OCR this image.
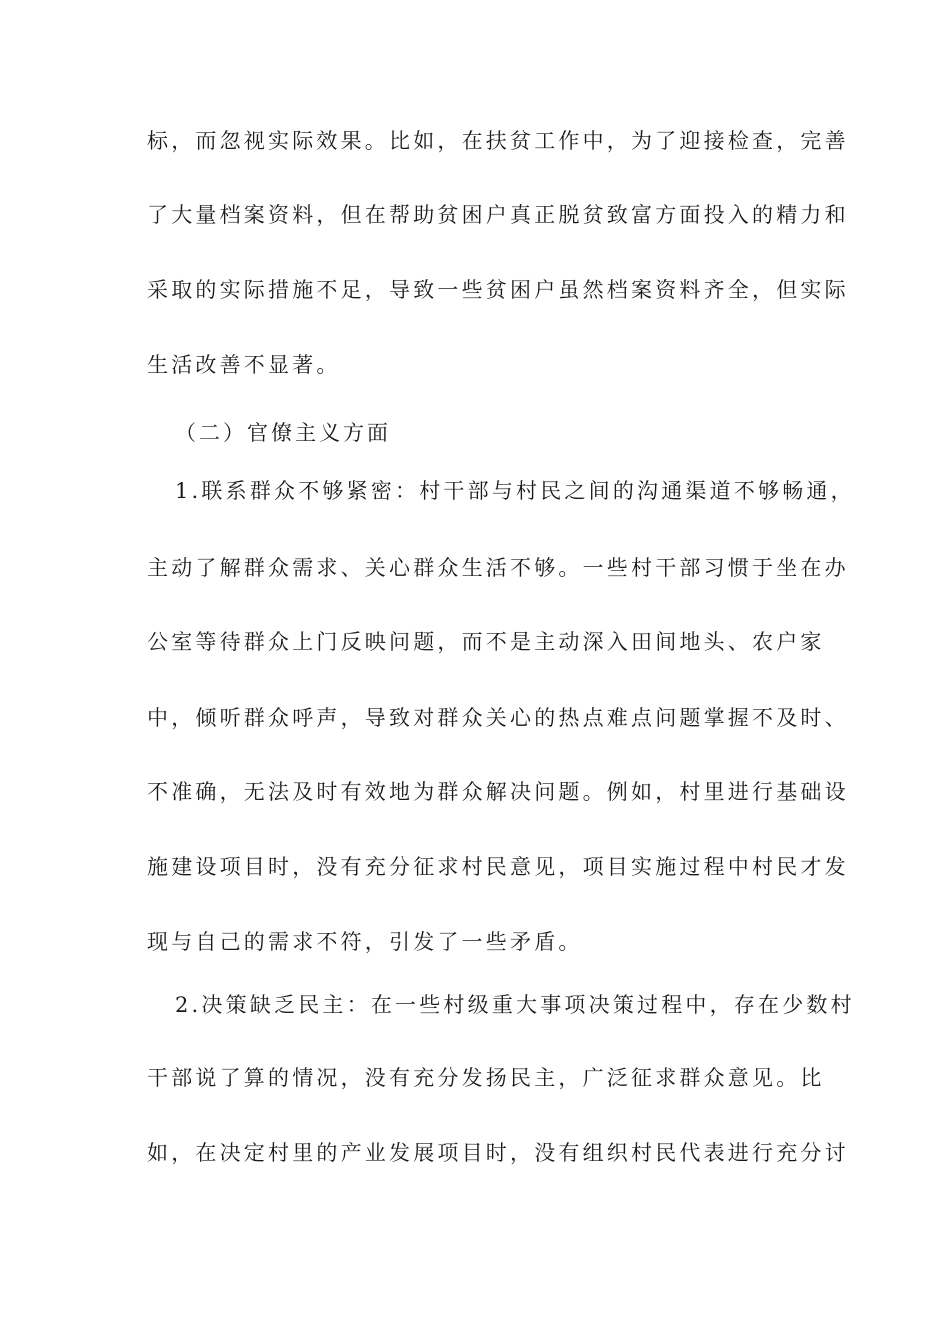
标，而忽视实际效果。比如，在扶贫工作中，为了迎接检查，完善
了大量档案资料，但在帮助贫困户真正脱贫致富方面投入的精力和
采取的实际措施不足，导致一些贫困户虽然档案资料齐全，但实际
生活改善不显著。
（二）官僚主义方面
1.联系群众不够紧密：村干部与村民之间的沟通渠道不够畅通，
主动了解群众需求、关心群众生活不够。一些村干部习惯于坐在办
公室等待群众上门反映问题，而不是主动深入田间地头、农户家
中，倾听群众呼声，导致对群众关心的热点难点问题掌握不及时、
不准确，无法及时有效地为群众解决问题。例如，村里进行基础设
施建设项目时，没有充分征求村民意见，项目实施过程中村民才发
现与自己的需求不符，引发了一些矛盾。
2.决策缺乏民主：在一些村级重大事项决策过程中，存在少数村
干部说了算的情况，没有充分发扬民主，广泛征求群众意见。比
如，在决定村里的产业发展项目时，没有组织村民代表进行充分讨
